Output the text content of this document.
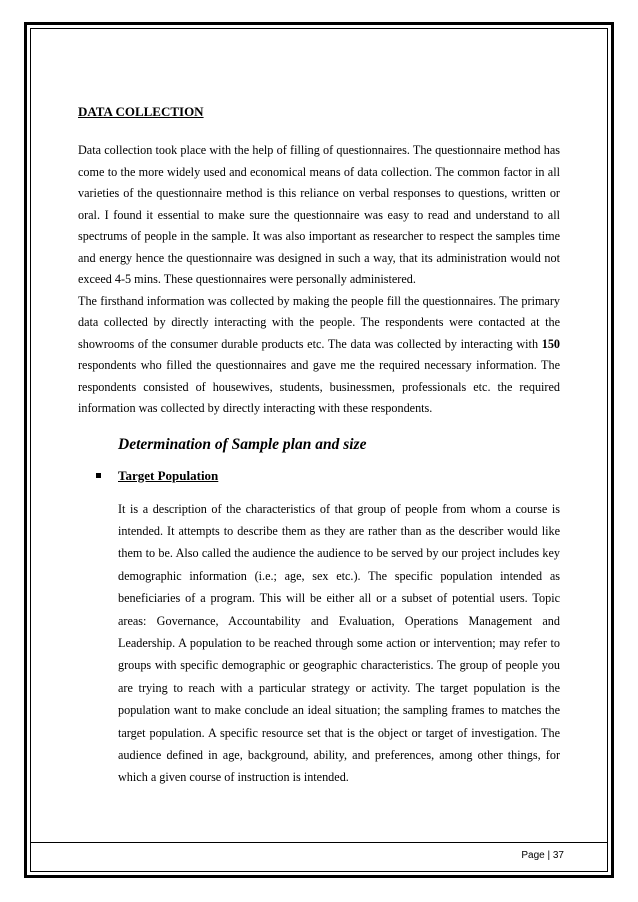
DATA COLLECTION

Data collection took place with the help of filling of questionnaires. The questionnaire method has come to the more widely used and economical means of data collection. The common factor in all varieties of the questionnaire method is this reliance on verbal responses to questions, written or oral. I found it essential to make sure the questionnaire was easy to read and understand to all spectrums of people in the sample. It was also important as researcher to respect the samples time and energy hence the questionnaire was designed in such a way, that its administration would not exceed 4-5 mins. These questionnaires were personally administered.

The firsthand information was collected by making the people fill the questionnaires. The primary data collected by directly interacting with the people. The respondents were contacted at the showrooms of the consumer durable products etc. The data was collected by interacting with 150 respondents who filled the questionnaires and gave me the required necessary information. The respondents consisted of housewives, students, businessmen, professionals etc. the required information was collected by directly interacting with these respondents.

Determination of Sample plan and size

Target Population

It is a description of the characteristics of that group of people from whom a course is intended. It attempts to describe them as they are rather than as the describer would like them to be. Also called the audience the audience to be served by our project includes key demographic information (i.e.; age, sex etc.). The specific population intended as beneficiaries of a program. This will be either all or a subset of potential users. Topic areas: Governance, Accountability and Evaluation, Operations Management and Leadership. A population to be reached through some action or intervention; may refer to groups with specific demographic or geographic characteristics. The group of people you are trying to reach with a particular strategy or activity. The target population is the population want to make conclude an ideal situation; the sampling frames to matches the target population. A specific resource set that is the object or target of investigation. The audience defined in age, background, ability, and preferences, among other things, for which a given course of instruction is intended.

Page | 37
